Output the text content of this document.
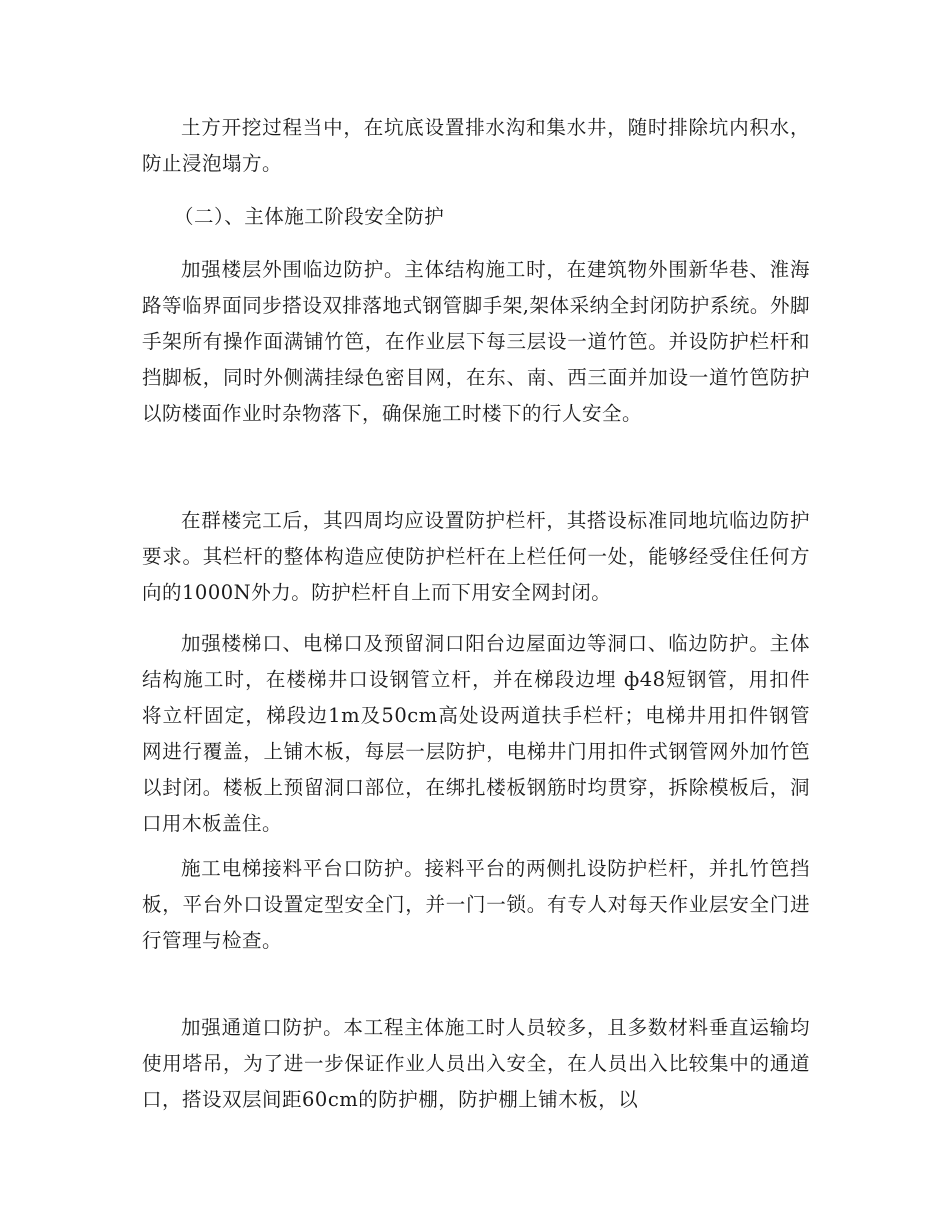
土方开挖过程当中，在坑底设置排水沟和集水井，随时排除坑内积水，防止浸泡塌方。

（二）、主体施工阶段安全防护

加强楼层外围临边防护。主体结构施工时，在建筑物外围新华巷、淮海路等临界面同步搭设双排落地式钢管脚手架,架体采纳全封闭防护系统。外脚手架所有操作面满铺竹笆，在作业层下每三层设一道竹笆。并设防护栏杆和挡脚板，同时外侧满挂绿色密目网，在东、南、西三面并加设一道竹笆防护以防楼面作业时杂物落下，确保施工时楼下的行人安全。

在群楼完工后，其四周均应设置防护栏杆，其搭设标准同地坑临边防护要求。其栏杆的整体构造应使防护栏杆在上栏任何一处，能够经受住任何方向的1000N外力。防护栏杆自上而下用安全网封闭。

加强楼梯口、电梯口及预留洞口阳台边屋面边等洞口、临边防护。主体结构施工时，在楼梯井口设钢管立杆，并在梯段边埋 ф48短钢管，用扣件将立杆固定，梯段边1m及50cm高处设两道扶手栏杆；电梯井用扣件钢管网进行覆盖，上铺木板，每层一层防护，电梯井门用扣件式钢管网外加竹笆以封闭。楼板上预留洞口部位，在绑扎楼板钢筋时均贯穿，拆除模板后，洞口用木板盖住。

施工电梯接料平台口防护。接料平台的两侧扎设防护栏杆，并扎竹笆挡板，平台外口设置定型安全门，并一门一锁。有专人对每天作业层安全门进行管理与检查。

加强通道口防护。本工程主体施工时人员较多，且多数材料垂直运输均使用塔吊，为了进一步保证作业人员出入安全，在人员出入比较集中的通道口，搭设双层间距60cm的防护棚，防护棚上铺木板，以
